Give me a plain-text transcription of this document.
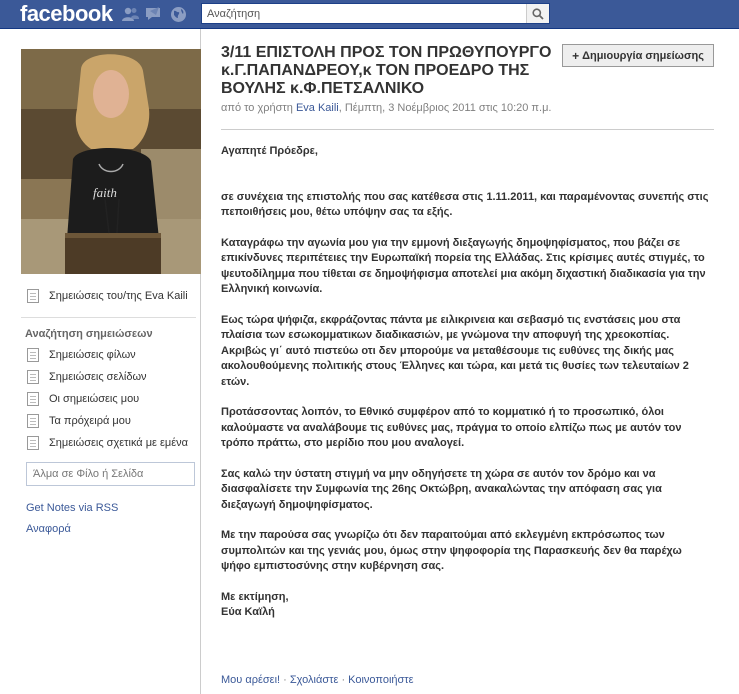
facebook
Αναζήτηση
faith
Σημειώσεις του/της Eva Kaili
Αναζήτηση σημειώσεων
Σημειώσεις φίλων
Σημειώσεις σελίδων
Οι σημειώσεις μου
Τα πρόχειρά μου
Σημειώσεις σχετικά με εμένα
Άλμα σε Φίλο ή Σελίδα
Get Notes via RSS
Αναφορά
3/11 ΕΠΙΣΤΟΛΗ ΠΡΟΣ ΤΟΝ ΠΡΩΘΥΠΟΥΡΓΟ κ.Γ.ΠΑΠΑΝΔΡΕΟΥ,κ ΤΟΝ ΠΡΟΕΔΡΟ ΤΗΣ ΒΟΥΛΗΣ κ.Φ.ΠΕΤΣΑΛΝΙΚΟ
από το χρήστη Eva Kaili, Πέμπτη, 3 Νοέμβριος 2011 στις 10:20 π.μ.
+ Δημιουργία σημείωσης

Αγαπητέ Πρόεδρε,

σε συνέχεια της επιστολής που σας κατέθεσα στις 1.11.2011, και παραμένοντας συνεπής στις πεποιθήσεις μου, θέτω υπόψην σας τα εξής.

Καταγράφω την αγωνία μου για την εμμονή διεξαγωγής δημοψηφίσματος, που βάζει σε επικίνδυνες περιπέτειες την Ευρωπαϊκή πορεία της Ελλάδας. Στις κρίσιμες αυτές στιγμές, το ψευτοδίλημμα που τίθεται σε δημοψήφισμα αποτελεί μια ακόμη διχαστική διαδικασία για την Ελληνική κοινωνία.

Εως τώρα ψήφιζα, εκφράζοντας πάντα με ειλικρινεια και σεβασμό τις ενστάσεις μου στα πλαίσια των εσωκομματικων διαδικασιών, με γνώμονα την αποφυγή της χρεοκοπίας. Ακριβώς γι΄ αυτό πιστεύω οτι δεν μπορούμε να μεταθέσουμε τις ευθύνες της δικής μας ακολουθούμενης πολιτικής στους Έλληνες και τώρα, και μετά τις θυσίες των τελευταίων 2 ετών.

Προτάσσοντας λοιπόν, το Εθνικό συμφέρον από το κομματικό ή το προσωπικό, όλοι καλούμαστε να αναλάβουμε τις ευθύνες μας, πράγμα το οποίο ελπίζω πως με αυτόν τον τρόπο πράττω, στο μερίδιο που μου αναλογεί.

Σας καλώ την ύστατη στιγμή να μην οδηγήσετε τη χώρα σε αυτόν τον δρόμο και να διασφαλίσετε την Συμφωνία της 26ης Οκτώβρη, ανακαλώντας την απόφαση σας για διεξαγωγή δημοψηφίσματος.

Με την παρούσα σας γνωρίζω ότι δεν παραιτούμαι από εκλεγμένη εκπρόσωπος των συμπολιτών και της γενιάς μου, όμως στην ψηφοφορία της Παρασκευής δεν θα παρέχω ψήφο εμπιστοσύνης στην κυβέρνηση σας.

Με εκτίμηση,
Εύα Καϊλή
Μου αρέσει! · Σχολιάστε · Κοινοποιήστε
